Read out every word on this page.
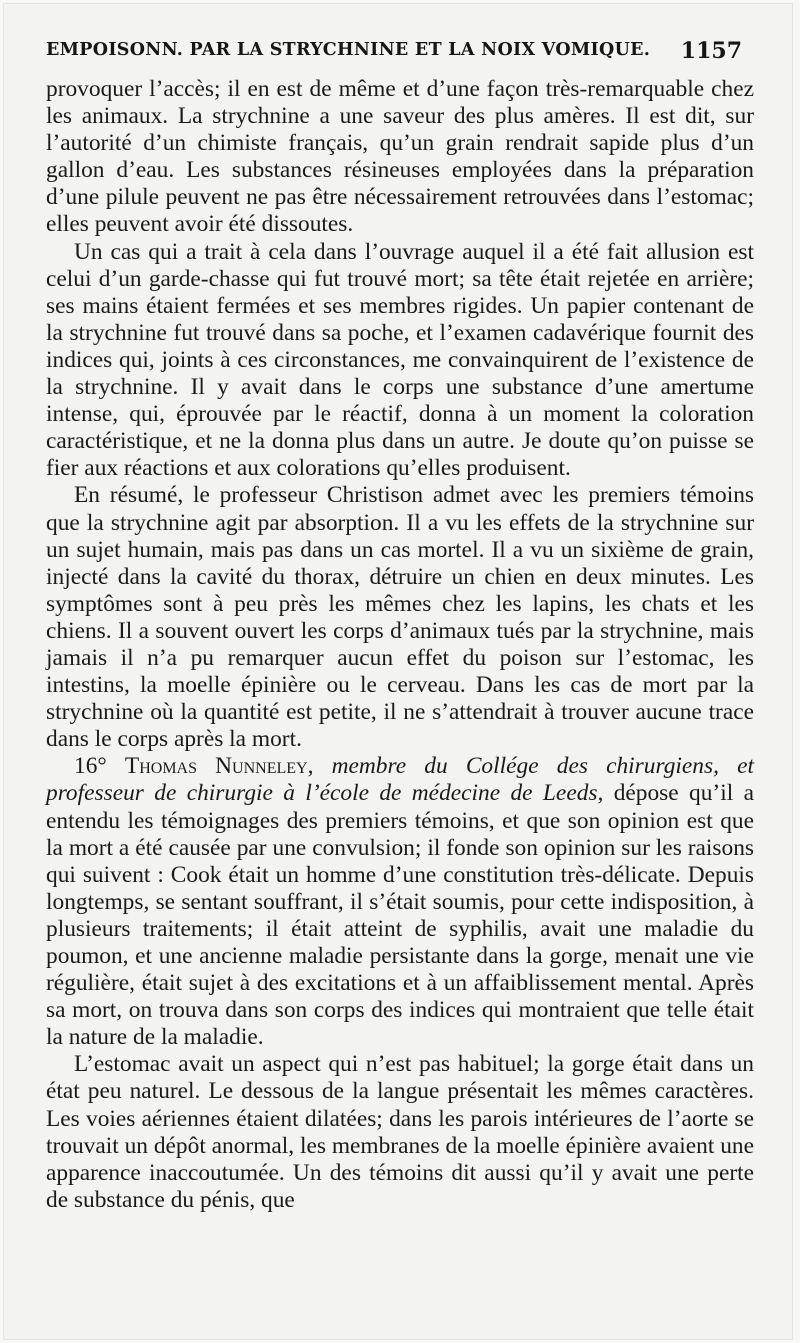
EMPOISONN. PAR LA STRYCHNINE ET LA NOIX VOMIQUE. 1157

provoquer l’accès; il en est de même et d’une façon très-remarquable chez les animaux. La strychnine a une saveur des plus amères. Il est dit, sur l’autorité d’un chimiste français, qu’un grain rendrait sapide plus d’un gallon d’eau. Les substances résineuses employées dans la préparation d’une pilule peuvent ne pas être nécessairement retrouvées dans l’estomac; elles peuvent avoir été dissoutes.

Un cas qui a trait à cela dans l’ouvrage auquel il a été fait allusion est celui d’un garde-chasse qui fut trouvé mort; sa tête était rejetée en arrière; ses mains étaient fermées et ses membres rigides. Un papier contenant de la strychnine fut trouvé dans sa poche, et l’examen cadavérique fournit des indices qui, joints à ces circonstances, me convainquirent de l’existence de la strychnine. Il y avait dans le corps une substance d’une amertume intense, qui, éprouvée par le réactif, donna à un moment la coloration caractéristique, et ne la donna plus dans un autre. Je doute qu’on puisse se fier aux réactions et aux colorations qu’elles produisent.

En résumé, le professeur Christison admet avec les premiers témoins que la strychnine agit par absorption. Il a vu les effets de la strychnine sur un sujet humain, mais pas dans un cas mortel. Il a vu un sixième de grain, injecté dans la cavité du thorax, détruire un chien en deux minutes. Les symptômes sont à peu près les mêmes chez les lapins, les chats et les chiens. Il a souvent ouvert les corps d’animaux tués par la strychnine, mais jamais il n’a pu remarquer aucun effet du poison sur l’estomac, les intestins, la moelle épinière ou le cerveau. Dans les cas de mort par la strychnine où la quantité est petite, il ne s’attendrait à trouver aucune trace dans le corps après la mort.

16° Thomas Nunneley, membre du Collége des chirurgiens, et professeur de chirurgie à l’école de médecine de Leeds, dépose qu’il a entendu les témoignages des premiers témoins, et que son opinion est que la mort a été causée par une convulsion; il fonde son opinion sur les raisons qui suivent : Cook était un homme d’une constitution très-délicate. Depuis longtemps, se sentant souffrant, il s’était soumis, pour cette indisposition, à plusieurs traitements; il était atteint de syphilis, avait une maladie du poumon, et une ancienne maladie persistante dans la gorge, menait une vie régulière, était sujet à des excitations et à un affaiblissement mental. Après sa mort, on trouva dans son corps des indices qui montraient que telle était la nature de la maladie.

L’estomac avait un aspect qui n’est pas habituel; la gorge était dans un état peu naturel. Le dessous de la langue présentait les mêmes caractères. Les voies aériennes étaient dilatées; dans les parois intérieures de l’aorte se trouvait un dépôt anormal, les membranes de la moelle épinière avaient une apparence inaccoutumée. Un des témoins dit aussi qu’il y avait une perte de substance du pénis, que
